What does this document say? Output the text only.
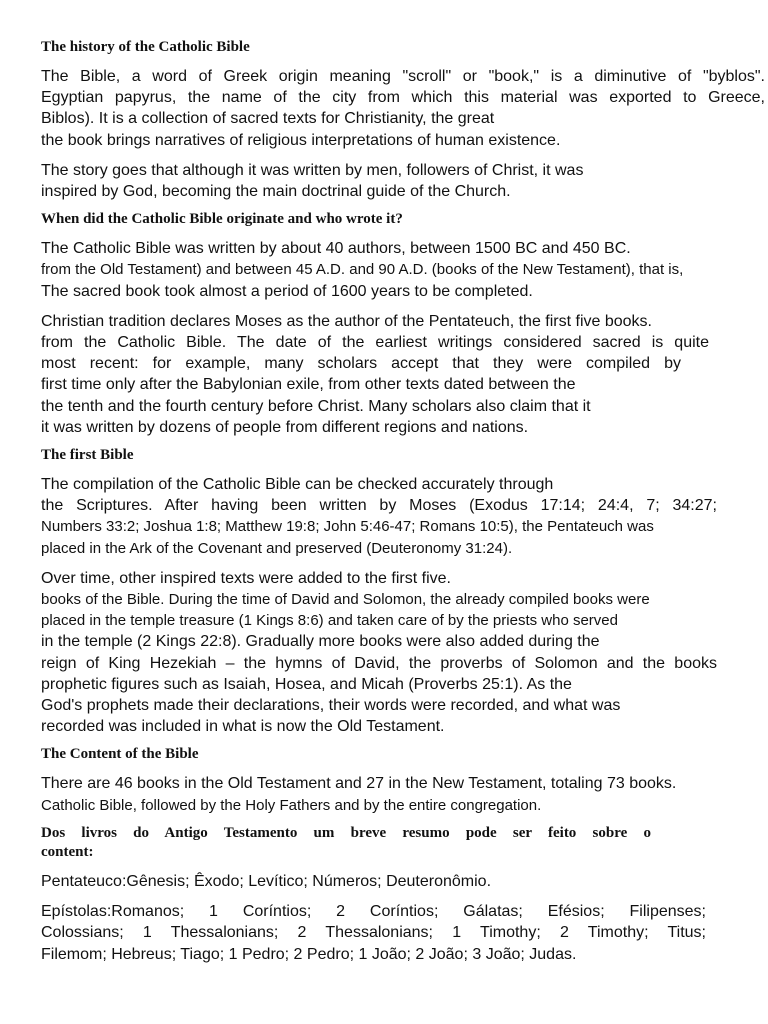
The history of the Catholic Bible

The Bible, a word of Greek origin meaning "scroll" or "book," is a diminutive of "byblos".
Egyptian papyrus, the name of the city from which this material was exported to Greece,
Biblos). It is a collection of sacred texts for Christianity, the great
the book brings narratives of religious interpretations of human existence.

The story goes that although it was written by men, followers of Christ, it was
inspired by God, becoming the main doctrinal guide of the Church.

When did the Catholic Bible originate and who wrote it?

The Catholic Bible was written by about 40 authors, between 1500 BC and 450 BC.
from the Old Testament) and between 45 A.D. and 90 A.D. (books of the New Testament), that is,
The sacred book took almost a period of 1600 years to be completed.

Christian tradition declares Moses as the author of the Pentateuch, the first five books.
from the Catholic Bible. The date of the earliest writings considered sacred is quite
most recent: for example, many scholars accept that they were compiled by
first time only after the Babylonian exile, from other texts dated between the
the tenth and the fourth century before Christ. Many scholars also claim that it
it was written by dozens of people from different regions and nations.

The first Bible

The compilation of the Catholic Bible can be checked accurately through
the Scriptures. After having been written by Moses (Exodus 17:14; 24:4, 7; 34:27;
Numbers 33:2; Joshua 1:8; Matthew 19:8; John 5:46-47; Romans 10:5), the Pentateuch was
placed in the Ark of the Covenant and preserved (Deuteronomy 31:24).

Over time, other inspired texts were added to the first five.
books of the Bible. During the time of David and Solomon, the already compiled books were
placed in the temple treasure (1 Kings 8:6) and taken care of by the priests who served
in the temple (2 Kings 22:8). Gradually more books were also added during the
reign of King Hezekiah – the hymns of David, the proverbs of Solomon and the books
prophetic figures such as Isaiah, Hosea, and Micah (Proverbs 25:1). As the
God's prophets made their declarations, their words were recorded, and what was
recorded was included in what is now the Old Testament.

The Content of the Bible

There are 46 books in the Old Testament and 27 in the New Testament, totaling 73 books.
Catholic Bible, followed by the Holy Fathers and by the entire congregation.

Dos livros do Antigo Testamento um breve resumo pode ser feito sobre o
content:

Pentateuco:Gênesis; Êxodo; Levítico; Números; Deuteronômio.

Epístolas:Romanos; 1 Coríntios; 2 Coríntios; Gálatas; Efésios; Filipenses;
Colossians; 1 Thessalonians; 2 Thessalonians; 1 Timothy; 2 Timothy; Titus;
Filemom; Hebreus; Tiago; 1 Pedro; 2 Pedro; 1 João; 2 João; 3 João; Judas.
